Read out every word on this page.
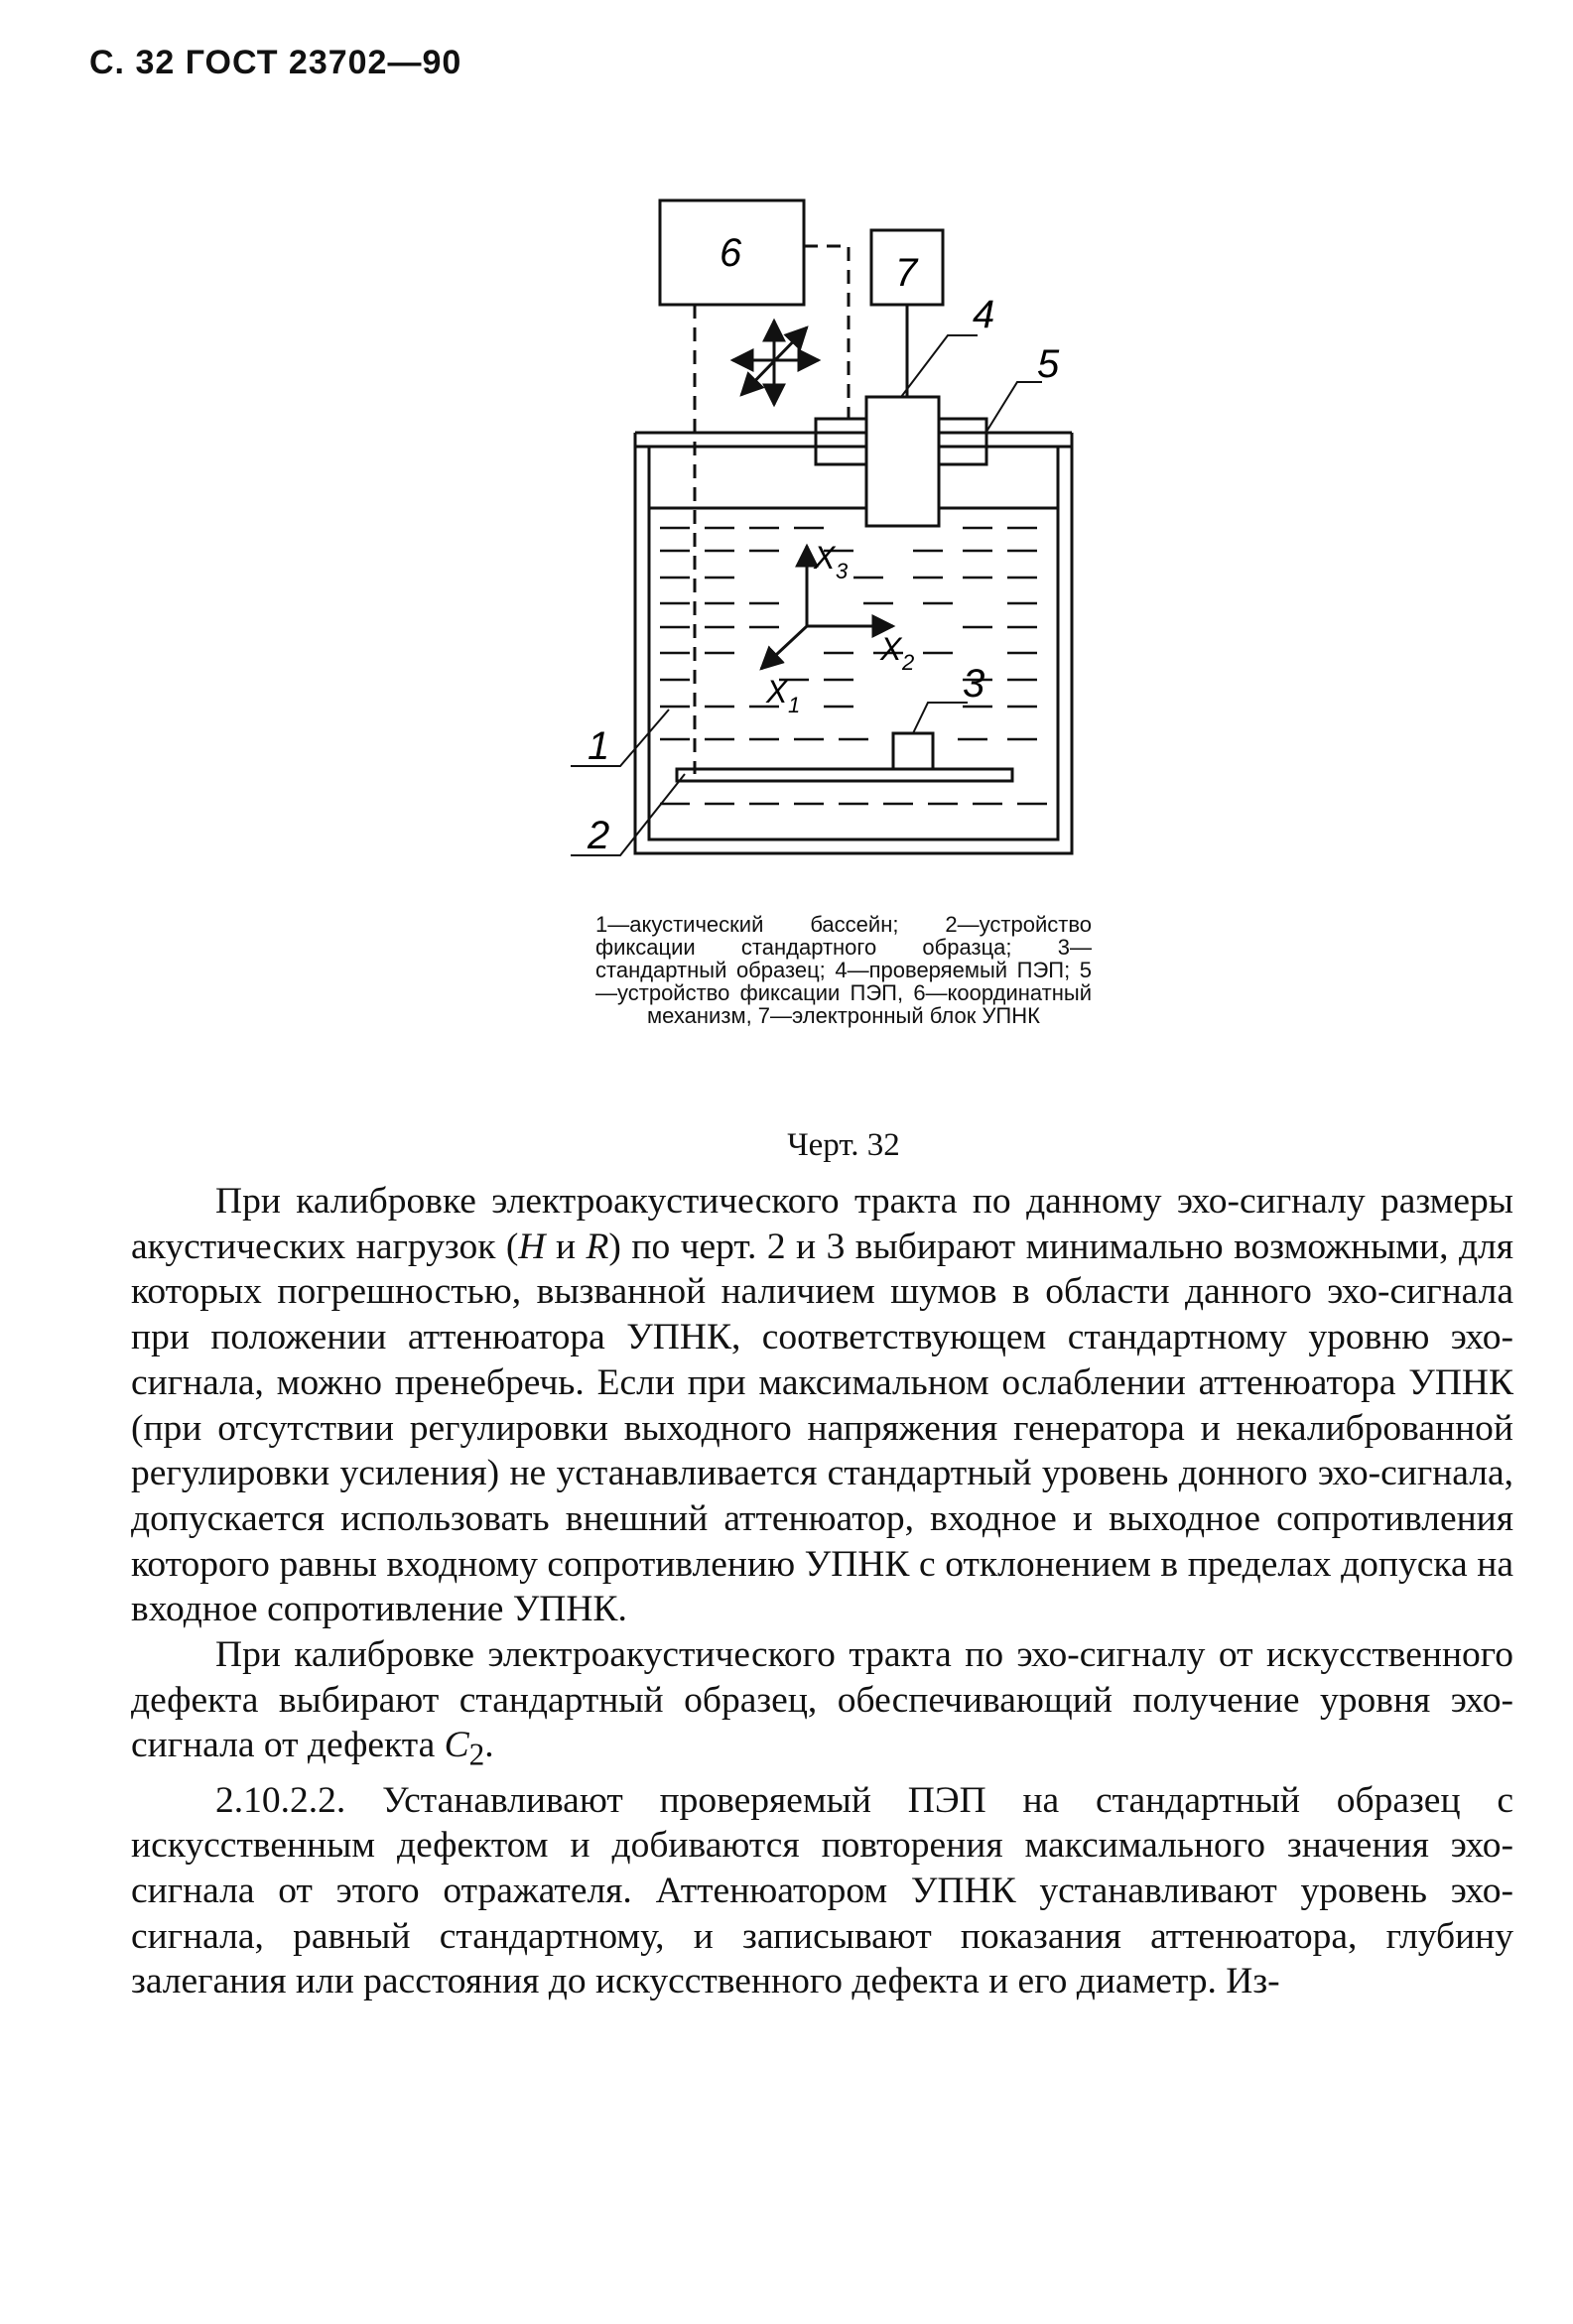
С. 32 ГОСТ 23702—90
6	7
4
5
3
1
2
X 3
X 2
X 1
1—акустический бассейн; 2—устройство фиксации стандартного образца; 3—стандартный образец; 4—проверяемый ПЭП; 5—устройство фиксации ПЭП, 6—координатный механизм, 7—электронный блок УПНК
Черт. 32

При калибровке электроакустического тракта по данному эхо-сигналу размеры акустических нагрузок (H и R) по черт. 2 и 3 выбирают минимально возможными, для которых погрешностью, вызванной наличием шумов в области данного эхо-сигнала при положении аттенюатора УПНК, соответствующем стандартному уровню эхо-сигнала, можно пренебречь. Если при максимальном ослаблении аттенюатора УПНК (при отсутствии регулировки выходного напряжения генератора и некалиброванной регулировки усиления) не устанавливается стандартный уровень донного эхо-сигнала, допускается использовать внешний аттенюатор, входное и выходное сопротивления которого равны входному сопротивлению УПНК с отклонением в пределах допуска на входное сопротивление УПНК.

При калибровке электроакустического тракта по эхо-сигналу от искусственного дефекта выбирают стандартный образец, обеспечивающий получение уровня эхо-сигнала от дефекта $C_2$.

2.10.2.2. Устанавливают проверяемый ПЭП на стандартный образец с искусственным дефектом и добиваются повторения максимального значения эхо-сигнала от этого отражателя. Аттенюатором УПНК устанавливают уровень эхо-сигнала, равный стандартному, и записывают показания аттенюатора, глубину залегания или расстояния до искусственного дефекта и его диаметр. Из-
